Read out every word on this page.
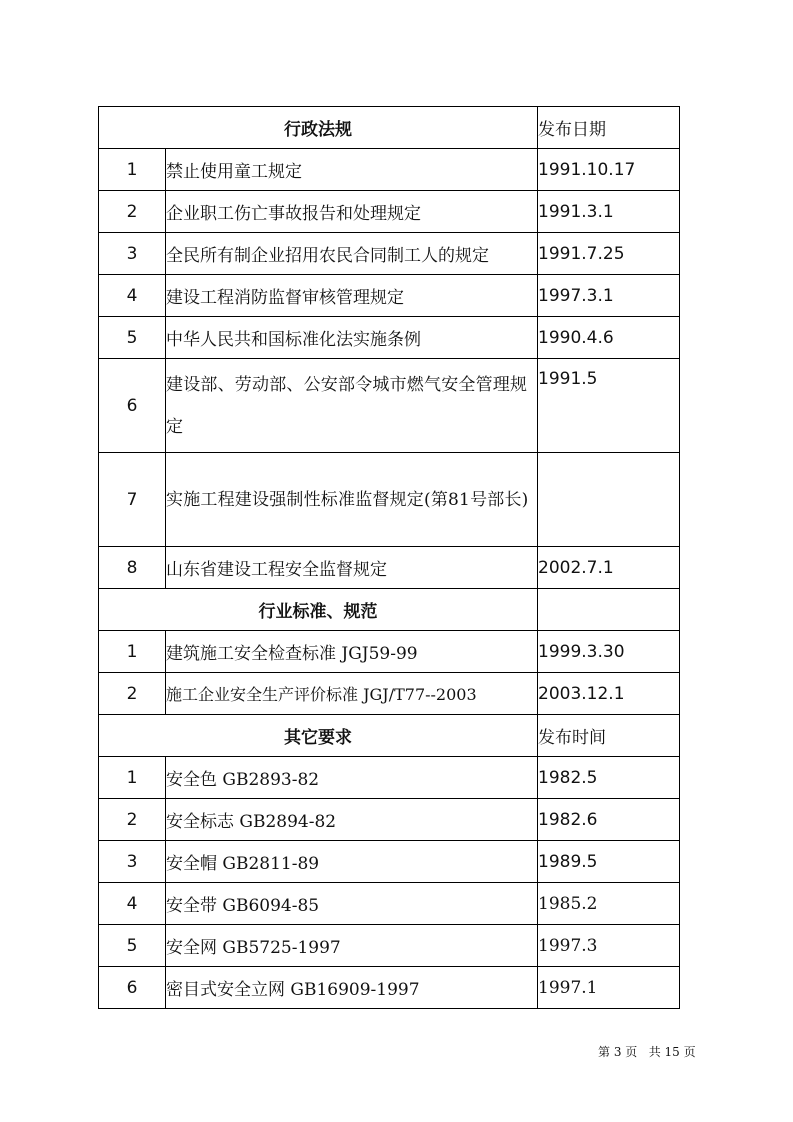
行政法规		发布日期
1	禁止使用童工规定	1991.10.17
2	企业职工伤亡事故报告和处理规定	1991.3.1
3	全民所有制企业招用农民合同制工人的规定	1991.7.25
4	建设工程消防监督审核管理规定	1997.3.1
5	中华人民共和国标准化法实施条例	1990.4.6
6	建设部、劳动部、公安部令城市燃气安全管理规定	1991.5
7	实施工程建设强制性标准监督规定(第81号部长)	
8	山东省建设工程安全监督规定	2002.7.1
行业标准、规范		
1	建筑施工安全检查标准 JGJ59-99	1999.3.30
2	施工企业安全生产评价标准 JGJ/T77--2003	2003.12.1
其它要求		发布时间
1	安全色 GB2893-82	1982.5
2	安全标志 GB2894-82	1982.6
3	安全帽 GB2811-89	1989.5
4	安全带 GB6094-85	1985.2
5	安全网 GB5725-1997	1997.3
6	密目式安全立网 GB16909-1997	1997.1
第 3 页 共 15 页
